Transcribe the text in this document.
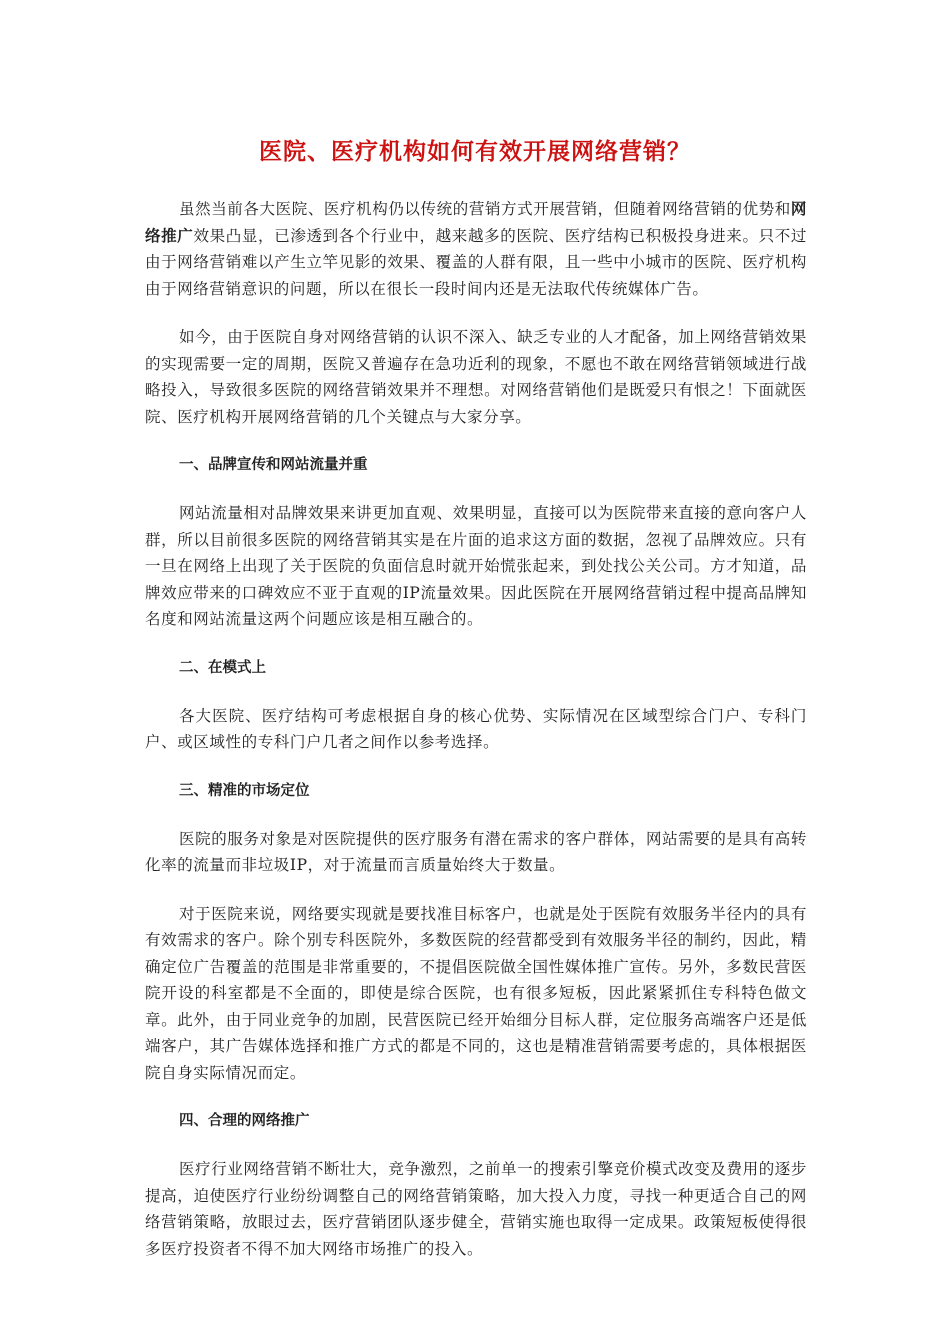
医院、医疗机构如何有效开展网络营销？

虽然当前各大医院、医疗机构仍以传统的营销方式开展营销，但随着网络营销的优势和网络推广效果凸显，已渗透到各个行业中，越来越多的医院、医疗结构已积极投身进来。只不过由于网络营销难以产生立竿见影的效果、覆盖的人群有限，且一些中小城市的医院、医疗机构由于网络营销意识的问题，所以在很长一段时间内还是无法取代传统媒体广告。

如今，由于医院自身对网络营销的认识不深入、缺乏专业的人才配备，加上网络营销效果的实现需要一定的周期，医院又普遍存在急功近利的现象，不愿也不敢在网络营销领域进行战略投入，导致很多医院的网络营销效果并不理想。对网络营销他们是既爱只有恨之！下面就医院、医疗机构开展网络营销的几个关键点与大家分享。

一、品牌宣传和网站流量并重

网站流量相对品牌效果来讲更加直观、效果明显，直接可以为医院带来直接的意向客户人群，所以目前很多医院的网络营销其实是在片面的追求这方面的数据，忽视了品牌效应。只有一旦在网络上出现了关于医院的负面信息时就开始慌张起来，到处找公关公司。方才知道，品牌效应带来的口碑效应不亚于直观的IP流量效果。因此医院在开展网络营销过程中提高品牌知名度和网站流量这两个问题应该是相互融合的。

二、在模式上

各大医院、医疗结构可考虑根据自身的核心优势、实际情况在区域型综合门户、专科门户、或区域性的专科门户几者之间作以参考选择。

三、精准的市场定位

医院的服务对象是对医院提供的医疗服务有潜在需求的客户群体，网站需要的是具有高转化率的流量而非垃圾IP，对于流量而言质量始终大于数量。

对于医院来说，网络要实现就是要找准目标客户，也就是处于医院有效服务半径内的具有有效需求的客户。除个别专科医院外，多数医院的经营都受到有效服务半径的制约，因此，精确定位广告覆盖的范围是非常重要的，不提倡医院做全国性媒体推广宣传。另外，多数民营医院开设的科室都是不全面的，即使是综合医院，也有很多短板，因此紧紧抓住专科特色做文章。此外，由于同业竞争的加剧，民营医院已经开始细分目标人群，定位服务高端客户还是低端客户，其广告媒体选择和推广方式的都是不同的，这也是精准营销需要考虑的，具体根据医院自身实际情况而定。

四、合理的网络推广

医疗行业网络营销不断壮大，竞争激烈，之前单一的搜索引擎竞价模式改变及费用的逐步提高，迫使医疗行业纷纷调整自己的网络营销策略，加大投入力度，寻找一种更适合自己的网络营销策略，放眼过去，医疗营销团队逐步健全，营销实施也取得一定成果。政策短板使得很多医疗投资者不得不加大网络市场推广的投入。
